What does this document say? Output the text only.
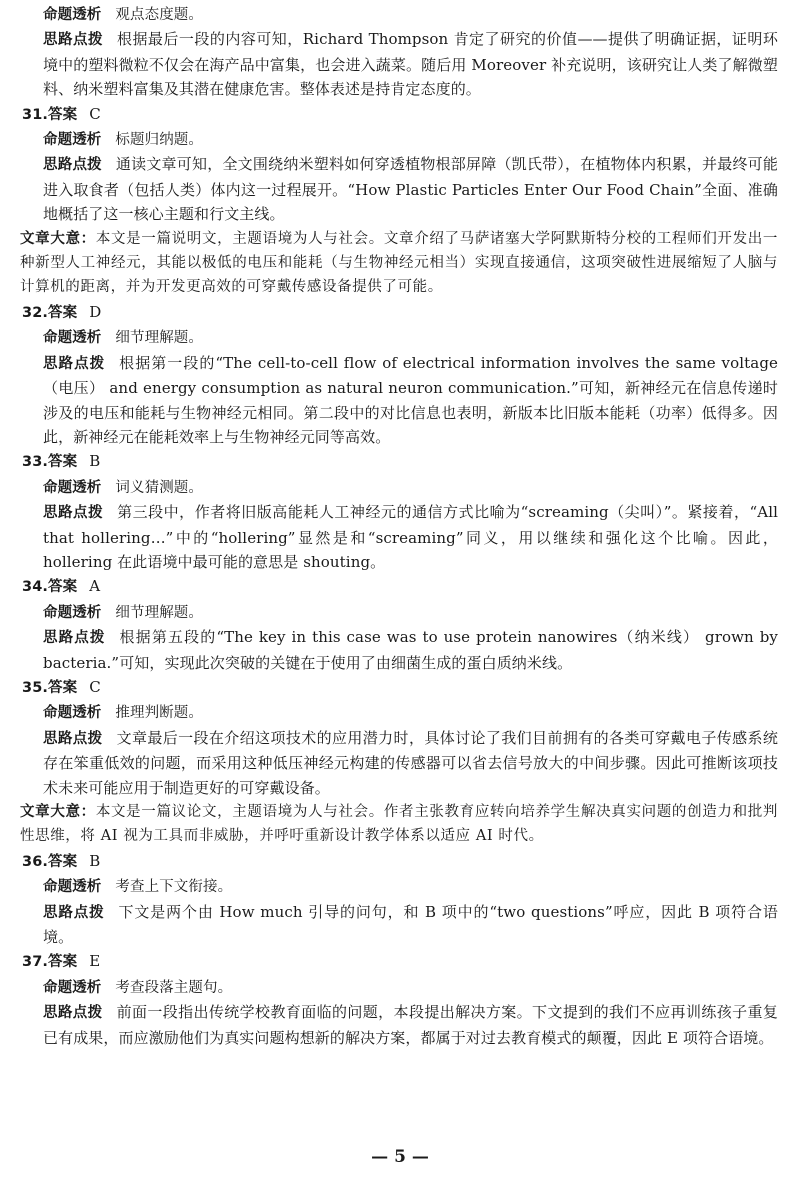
命题透析 观点态度题。
思路点拨 根据最后一段的内容可知，Richard Thompson 肯定了研究的价值——提供了明确证据，证明环境中的塑料微粒不仅会在海产品中富集，也会进入蔬菜。随后用 Moreover 补充说明，该研究让人类了解微塑料、纳米塑料富集及其潜在健康危害。整体表述是持肯定态度的。
31.答案 C
命题透析 标题归纳题。
思路点拨 通读文章可知，全文围绕纳米塑料如何穿透植物根部屏障（凯氏带），在植物体内积累，并最终可能进入取食者（包括人类）体内这一过程展开。“How Plastic Particles Enter Our Food Chain”全面、准确地概括了这一核心主题和行文主线。
文章大意：本文是一篇说明文，主题语境为人与社会。文章介绍了马萨诸塞大学阿默斯特分校的工程师们开发出一种新型人工神经元，其能以极低的电压和能耗（与生物神经元相当）实现直接通信，这项突破性进展缩短了人脑与计算机的距离，并为开发更高效的可穿戴传感设备提供了可能。
32.答案 D
命题透析 细节理解题。
思路点拨 根据第一段的“The cell-to-cell flow of electrical information involves the same voltage（电压） and energy consumption as natural neuron communication.”可知，新神经元在信息传递时涉及的电压和能耗与生物神经元相同。第二段中的对比信息也表明，新版本比旧版本能耗（功率）低得多。因此，新神经元在能耗效率上与生物神经元同等高效。
33.答案 B
命题透析 词义猜测题。
思路点拨 第三段中，作者将旧版高能耗人工神经元的通信方式比喻为“screaming（尖叫）”。紧接着，“All that hollering…”中的“hollering”显然是和“screaming”同义，用以继续和强化这个比喻。因此，hollering 在此语境中最可能的意思是 shouting。
34.答案 A
命题透析 细节理解题。
思路点拨 根据第五段的“The key in this case was to use protein nanowires（纳米线） grown by bacteria.”可知，实现此次突破的关键在于使用了由细菌生成的蛋白质纳米线。
35.答案 C
命题透析 推理判断题。
思路点拨 文章最后一段在介绍这项技术的应用潜力时，具体讨论了我们目前拥有的各类可穿戴电子传感系统存在笨重低效的问题，而采用这种低压神经元构建的传感器可以省去信号放大的中间步骤。因此可推断该项技术未来可能应用于制造更好的可穿戴设备。
文章大意：本文是一篇议论文，主题语境为人与社会。作者主张教育应转向培养学生解决真实问题的创造力和批判性思维，将 AI 视为工具而非威胁，并呼吁重新设计教学体系以适应 AI 时代。
36.答案 B
命题透析 考查上下文衔接。
思路点拨 下文是两个由 How much 引导的问句，和 B 项中的“two questions”呼应，因此 B 项符合语境。
37.答案 E
命题透析 考查段落主题句。
思路点拨 前面一段指出传统学校教育面临的问题，本段提出解决方案。下文提到的我们不应再训练孩子重复已有成果，而应激励他们为真实问题构想新的解决方案，都属于对过去教育模式的颠覆，因此 E 项符合语境。
— 5 —
